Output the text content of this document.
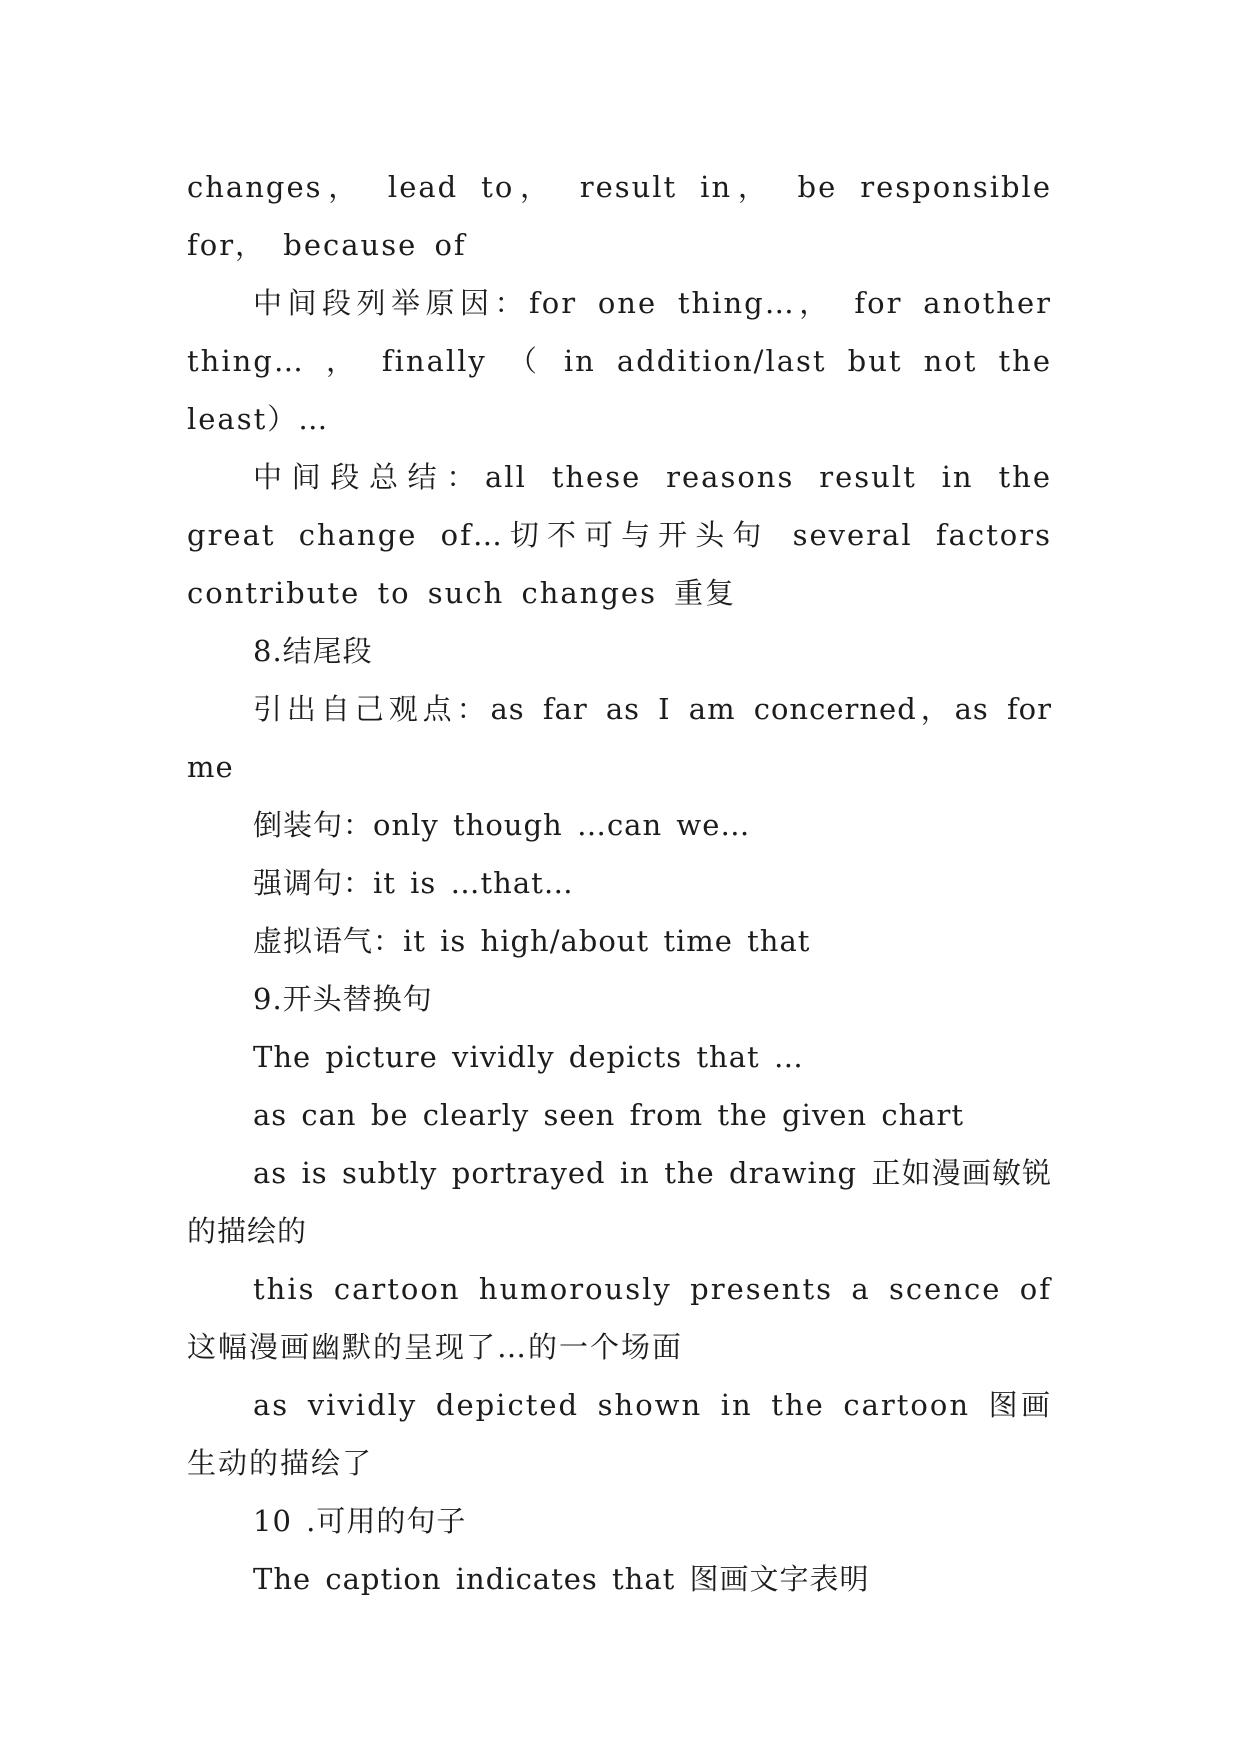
changes， lead to， result in， be responsible for， because of

中间段列举原因：for one thing…， for another thing… ， finally （ in addition/last but not the least）…

中间段总结：all these reasons result in the great change of…切不可与开头句 several factors contribute to such changes 重复

8.结尾段

引出自己观点：as far as I am concerned，as for me

倒装句：only though …can we…

强调句：it is …that…

虚拟语气：it is high/about time that

9.开头替换句

The picture vividly depicts that …

as can be clearly seen from the given chart

as is subtly portrayed in the drawing 正如漫画敏锐的描绘的

this cartoon humorously presents a scence of 这幅漫画幽默的呈现了…的一个场面

as vividly depicted shown in the cartoon 图画生动的描绘了

10 .可用的句子

The caption indicates that 图画文字表明
